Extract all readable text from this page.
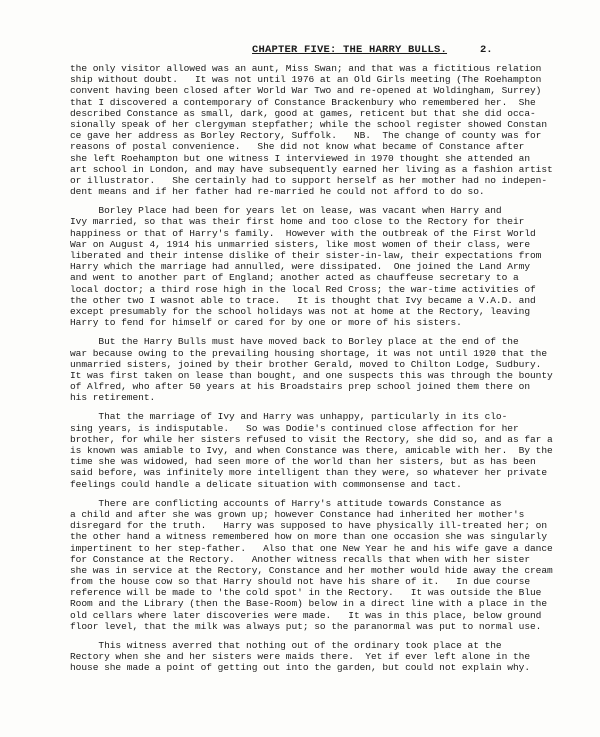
CHAPTER FIVE: THE HARRY BULLS.	2.
the only visitor allowed was an aunt, Miss Swan; and that was a fictitious relation
ship without doubt.   It was not until 1976 at an Old Girls meeting (The Roehampton
convent having been closed after World War Two and re-opened at Woldingham, Surrey)
that I discovered a contemporary of Constance Brackenbury who remembered her.  She
described Constance as small, dark, good at games, reticent but that she did occa-
sionally speak of her clergyman stepfather; while the school register showed Constan
ce gave her address as Borley Rectory, Suffolk.   NB.  The change of county was for
reasons of postal convenience.   She did not know what became of Constance after
she left Roehampton but one witness I interviewed in 1970 thought she attended an
art school in London, and may have subsequently earned her living as a fashion artist
or illustrator.   She certainly had to support herself as her mother had no indepen-
dent means and if her father had re-married he could not afford to do so.
Borley Place had been for years let on lease, was vacant when Harry and
Ivy married, so that was their first home and too close to the Rectory for their
happiness or that of Harry's family.  However with the outbreak of the First World
War on August 4, 1914 his unmarried sisters, like most women of their class, were
liberated and their intense dislike of their sister-in-law, their expectations from
Harry which the marriage had annulled, were dissipated.  One joined the Land Army
and went to another part of England; another acted as chauffeuse secretary to a
local doctor; a third rose high in the local Red Cross; the war-time activities of
the other two I wasnot able to trace.   It is thought that Ivy became a V.A.D. and
except presumably for the school holidays was not at home at the Rectory, leaving
Harry to fend for himself or cared for by one or more of his sisters.
But the Harry Bulls must have moved back to Borley place at the end of the
war because owing to the prevailing housing shortage, it was not until 1920 that the
unmarried sisters, joined by their brother Gerald, moved to Chilton Lodge, Sudbury.
It was first taken on lease than bought, and one suspects this was through the bounty
of Alfred, who after 50 years at his Broadstairs prep school joined them there on
his retirement.
That the marriage of Ivy and Harry was unhappy, particularly in its clo-
sing years, is indisputable.   So was Dodie's continued close affection for her
brother, for while her sisters refused to visit the Rectory, she did so, and as far a
is known was amiable to Ivy, and when Constance was there, amicable with her.  By the
time she was widowed, had seen more of the world than her sisters, but as has been
said before, was infinitely more intelligent than they were, so whatever her private
feelings could handle a delicate situation with commonsense and tact.
There are conflicting accounts of Harry's attitude towards Constance as
a child and after she was grown up; however Constance had inherited her mother's
disregard for the truth.   Harry was supposed to have physically ill-treated her; on
the other hand a witness remembered how on more than one occasion she was singularly
impertinent to her step-father.   Also that one New Year he and his wife gave a dance
for Constance at the Rectory.   Another witness recalls that when with her sister
she was in service at the Rectory, Constance and her mother would hide away the cream
from the house cow so that Harry should not have his share of it.   In due course
reference will be made to 'the cold spot' in the Rectory.   It was outside the Blue
Room and the Library (then the Base-Room) below in a direct line with a place in the
old cellars where later discoveries were made.   It was in this place, below ground
floor level, that the milk was always put; so the paranormal was put to normal use.
This witness averred that nothing out of the ordinary took place at the
Rectory when she and her sisters were maids there.  Yet if ever left alone in the
house she made a point of getting out into the garden, but could not explain why.
